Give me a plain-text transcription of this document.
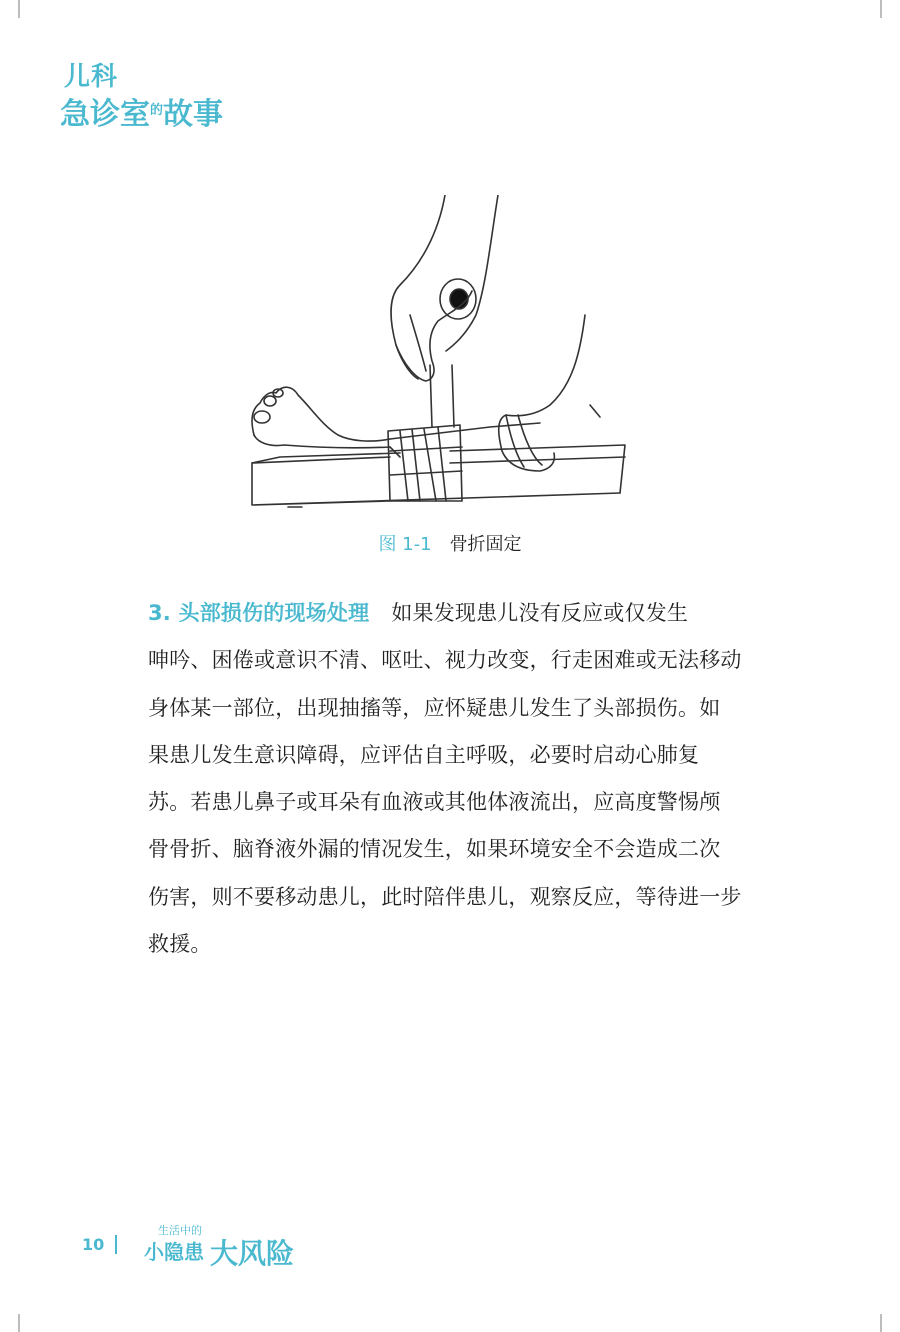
儿科
急诊室$^的$故事
图 1-1 骨折固定
3. 头部损伤的现场处理 如果发现患儿没有反应或仅发生
呻吟、困倦或意识不清、呕吐、视力改变，行走困难或无法移动
身体某一部位，出现抽搐等，应怀疑患儿发生了头部损伤。如
果患儿发生意识障碍，应评估自主呼吸，必要时启动心肺复
苏。若患儿鼻子或耳朵有血液或其他体液流出，应高度警惕颅
骨骨折、脑脊液外漏的情况发生，如果环境安全不会造成二次
伤害，则不要移动患儿，此时陪伴患儿，观察反应，等待进一步
救援。
10
生活中的
小隐患 大风险
